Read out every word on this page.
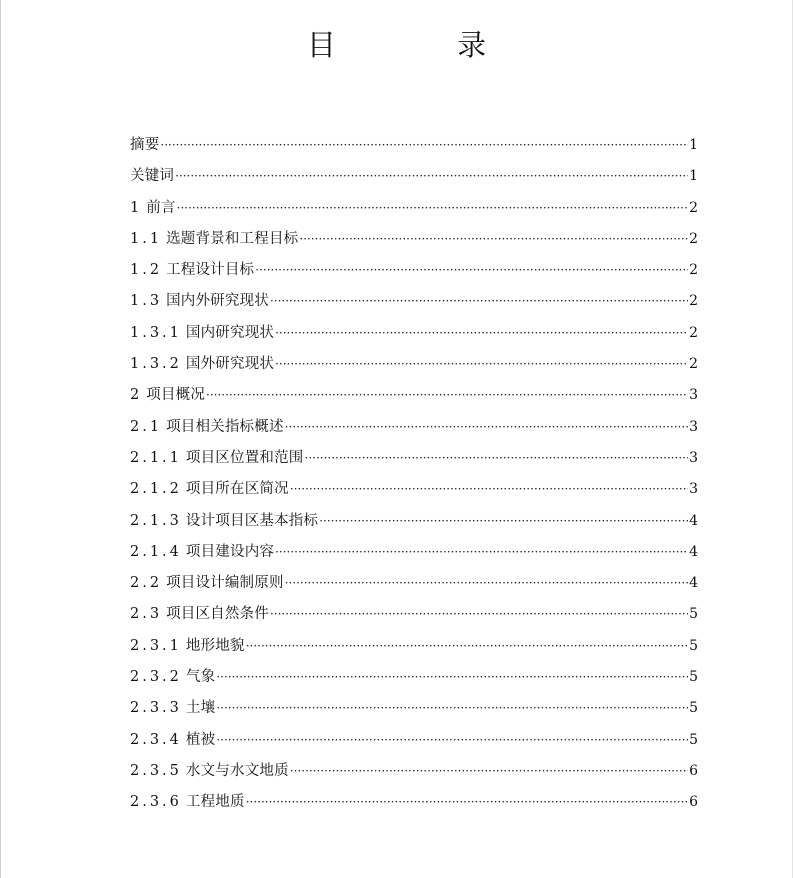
目 录
摘要 ·····	1
关键词 ·····	1
1 前言 ·····	2
1.1 选题背景和工程目标 ·····	2
1.2 工程设计目标 ·····	2
1.3 国内外研究现状 ·····	2
1.3.1 国内研究现状 ·····	2
1.3.2 国外研究现状 ·····	2
2 项目概况 ·····	3
2.1 项目相关指标概述 ·····	3
2.1.1 项目区位置和范围 ·····	3
2.1.2 项目所在区简况 ·····	3
2.1.3 设计项目区基本指标 ·····	4
2.1.4 项目建设内容 ·····	4
2.2 项目设计编制原则 ·····	4
2.3 项目区自然条件 ·····	5
2.3.1 地形地貌 ·····	5
2.3.2 气象 ·····	5
2.3.3 土壤 ·····	5
2.3.4 植被 ·····	5
2.3.5 水文与水文地质 ·····	6
2.3.6 工程地质 ·····	6
